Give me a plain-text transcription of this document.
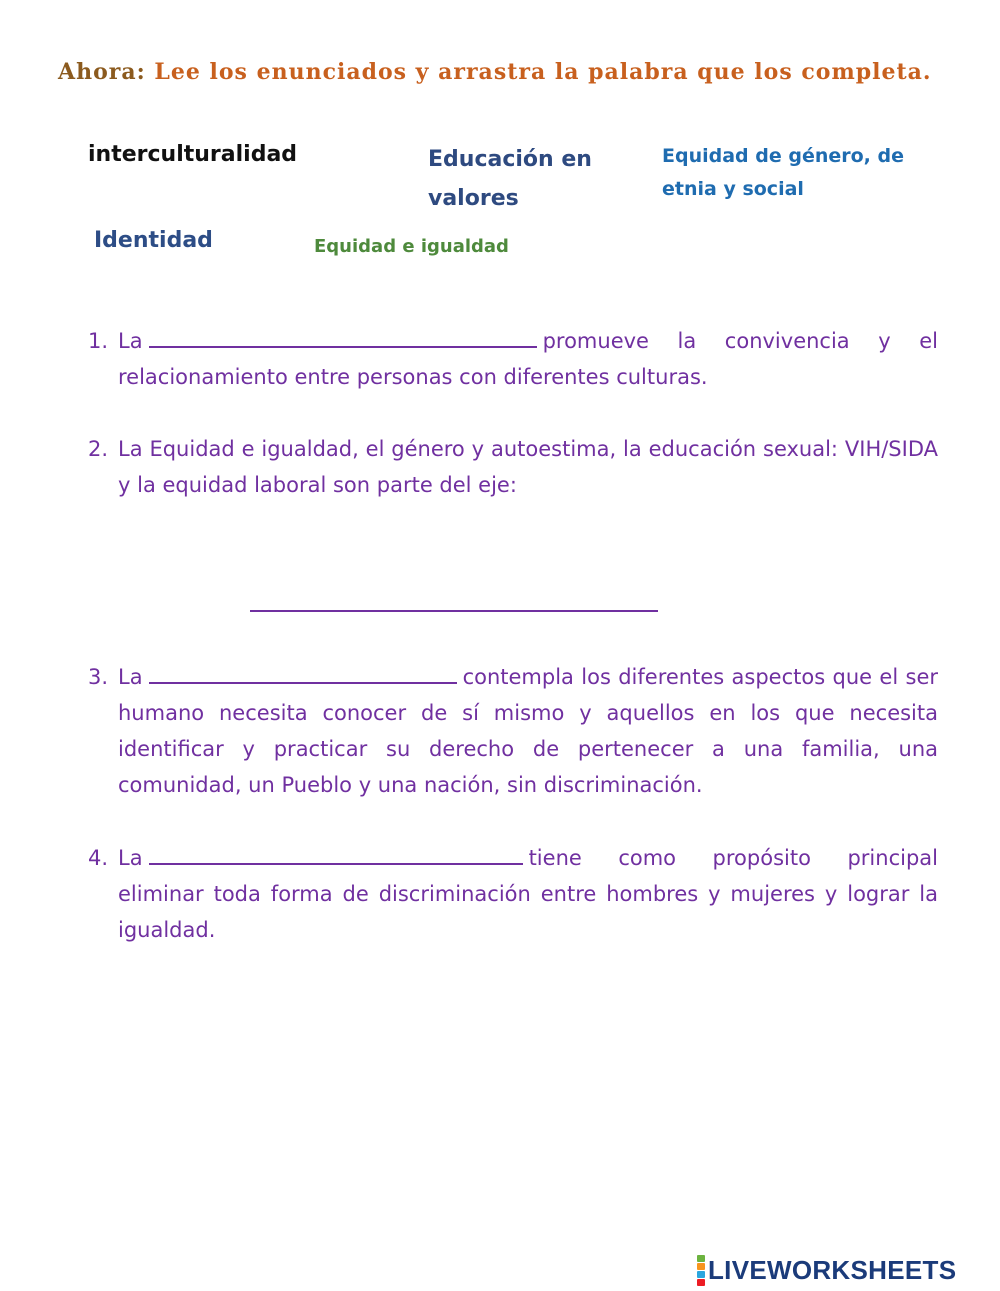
Ahora: Lee los enunciados y arrastra la palabra que los completa.
interculturalidad	Educación en valores
Equidad de género, de etnia y social
Identidad	Equidad e igualdad
1. La	promueve la convivencia y el relacionamiento entre personas con diferentes culturas.
2. La Equidad e igualdad, el género y autoestima, la educación sexual: VIH/SIDA y la equidad laboral son parte del eje:
3. La	contempla los diferentes aspectos que el ser humano necesita conocer de sí mismo y aquellos en los que necesita identificar y practicar su derecho de pertenecer a una familia, una comunidad, un Pueblo y una nación, sin discriminación.
4. La	tiene como propósito principal eliminar toda forma de discriminación entre hombres y mujeres y lograr la igualdad.
LIVEWORKSHEETS
